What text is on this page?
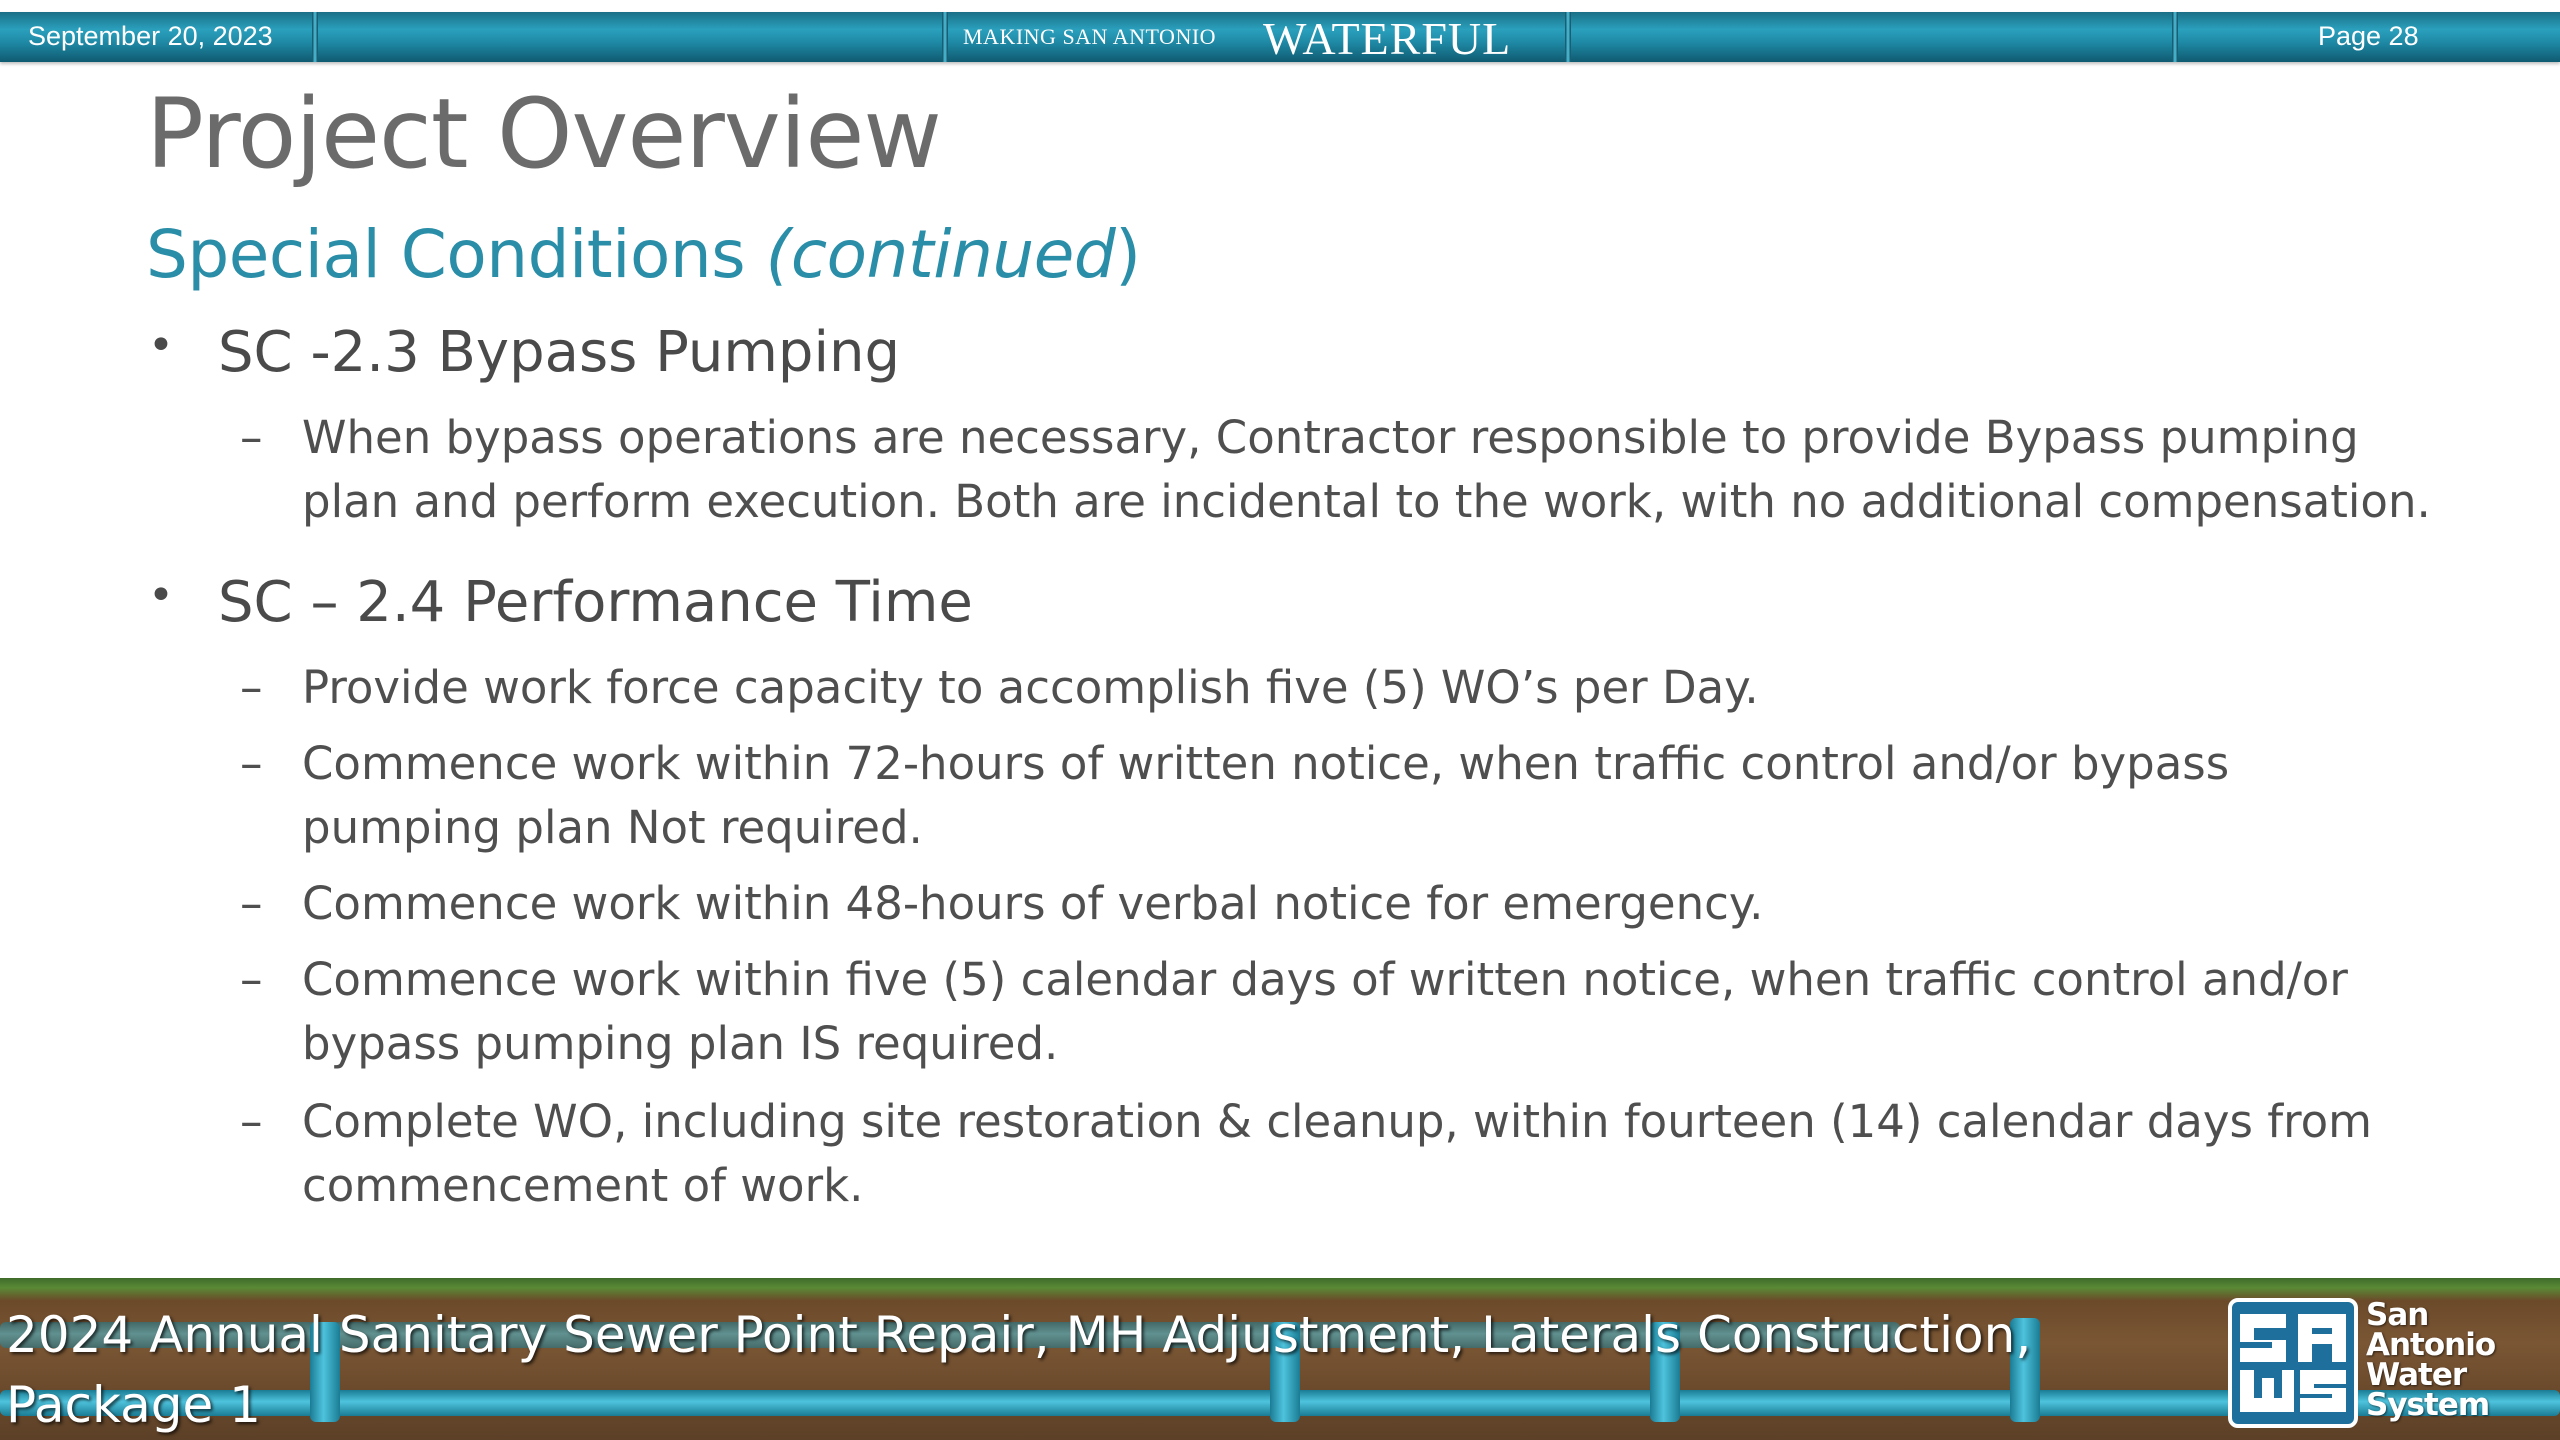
September 20, 2023	MAKING SAN ANTONIO WATERFUL	Page 28
Project Overview
Special Conditions (continued)
• SC -2.3 Bypass Pumping
– When bypass operations are necessary, Contractor responsible to provide Bypass pumping plan and perform execution. Both are incidental to the work, with no additional compensation.
• SC – 2.4 Performance Time
– Provide work force capacity to accomplish five (5) WO’s per Day.
– Commence work within 72-hours of written notice, when traffic control and/or bypass pumping plan Not required.
– Commence work within 48-hours of verbal notice for emergency.
– Commence work within five (5) calendar days of written notice, when traffic control and/or bypass pumping plan IS required.
– Complete WO, including site restoration & cleanup, within fourteen (14) calendar days from commencement of work.
2024 Annual Sanitary Sewer Point Repair, MH Adjustment, Laterals Construction, Package 1
San
Antonio
Water
System
